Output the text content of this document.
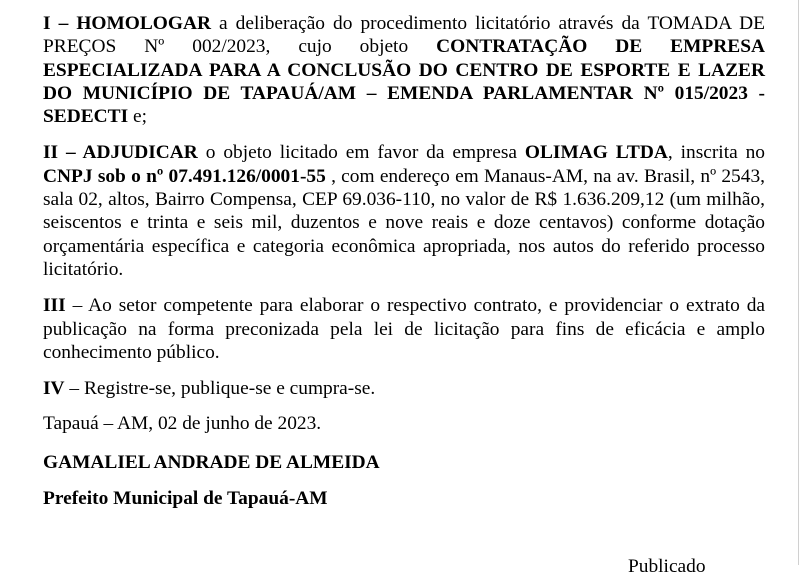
I – HOMOLOGAR a deliberação do procedimento licitatório através da TOMADA DE PREÇOS Nº 002/2023, cujo objeto CONTRATAÇÃO DE EMPRESA ESPECIALIZADA PARA A CONCLUSÃO DO CENTRO DE ESPORTE E LAZER DO MUNICÍPIO DE TAPAUÁ/AM – EMENDA PARLAMENTAR Nº 015/2023 - SEDECTI e;

II – ADJUDICAR o objeto licitado em favor da empresa OLIMAG LTDA, inscrita no CNPJ sob o nº 07.491.126/0001-55 , com endereço em Manaus-AM, na av. Brasil, nº 2543, sala 02, altos, Bairro Compensa, CEP 69.036-110, no valor de R$ 1.636.209,12 (um milhão, seiscentos e trinta e seis mil, duzentos e nove reais e doze centavos) conforme dotação orçamentária específica e categoria econômica apropriada, nos autos do referido processo licitatório.

III – Ao setor competente para elaborar o respectivo contrato, e providenciar o extrato da publicação na forma preconizada pela lei de licitação para fins de eficácia e amplo conhecimento público.

IV – Registre-se, publique-se e cumpra-se.

Tapauá – AM, 02 de junho de 2023.

GAMALIEL ANDRADE DE ALMEIDA

Prefeito Municipal de Tapauá-AM

Publicado
